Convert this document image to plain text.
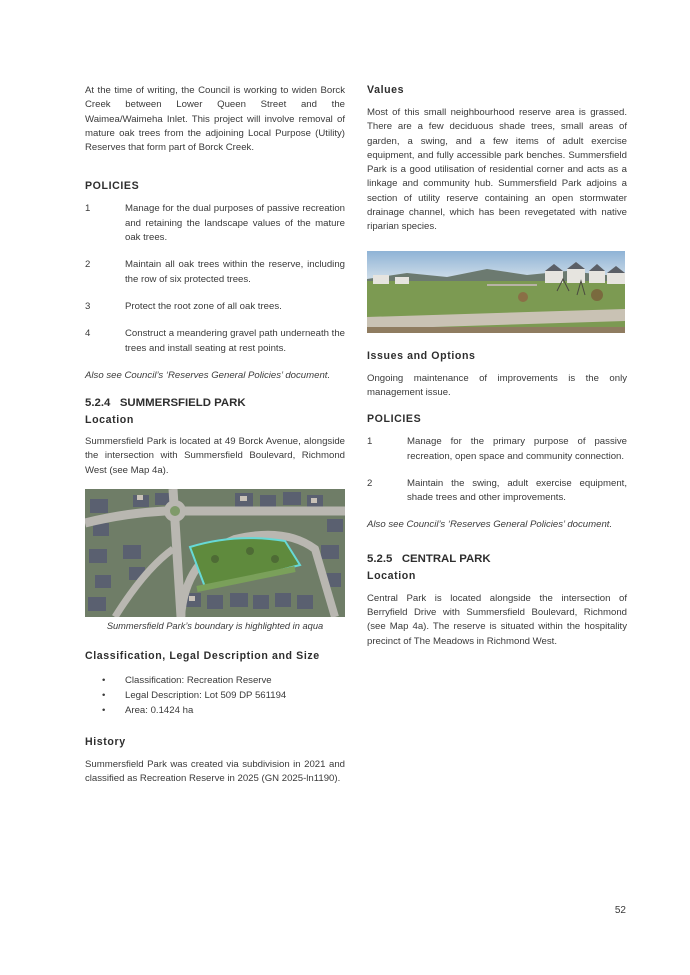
At the time of writing, the Council is working to widen Borck Creek between Lower Queen Street and the Waimea/Waimeha Inlet. This project will involve removal of mature oak trees from the adjoining Local Purpose (Utility) Reserves that form part of Borck Creek.

POLICIES
1	Manage for the dual purposes of passive recreation and retaining the landscape values of the mature oak trees.
2	Maintain all oak trees within the reserve, including the row of six protected trees.
3	Protect the root zone of all oak trees.
4	Construct a meandering gravel path underneath the trees and install seating at rest points.

Also see Council’s ‘Reserves General Policies’ document.

5.2.4   SUMMERSFIELD PARK
Location

Summersfield Park is located at 49 Borck Avenue, alongside the intersection with Summersfield Boulevard, Richmond West (see Map 4a).

Summersfield Park’s boundary is highlighted in aqua

Classification, Legal Description and Size
•	Classification: Recreation Reserve
•	Legal Description: Lot 509 DP 561194
•	Area: 0.1424 ha
History

Summersfield Park was created via subdivision in 2021 and classified as Recreation Reserve in 2025 (GN 2025-ln1190).

Values

Most of this small neighbourhood reserve area is grassed. There are a few deciduous shade trees, small areas of garden, a swing, and a few items of adult exercise equipment, and fully accessible park benches. Summersfield Park is a good utilisation of residential corner and acts as a linkage and community hub. Summersfield Park adjoins a section of utility reserve containing an open stormwater drainage channel, which has been revegetated with native riparian species.

Issues and Options

Ongoing maintenance of improvements is the only management issue.

POLICIES
1	Manage for the primary purpose of passive recreation, open space and community connection.
2	Maintain the swing, adult exercise equipment, shade trees and other improvements.

Also see Council’s ‘Reserves General Policies’ document.

5.2.5   CENTRAL PARK
Location

Central Park is located alongside the intersection of Berryfield Drive with Summersfield Boulevard, Richmond (see Map 4a). The reserve is situated within the hospitality precinct of The Meadows in Richmond West.

52
